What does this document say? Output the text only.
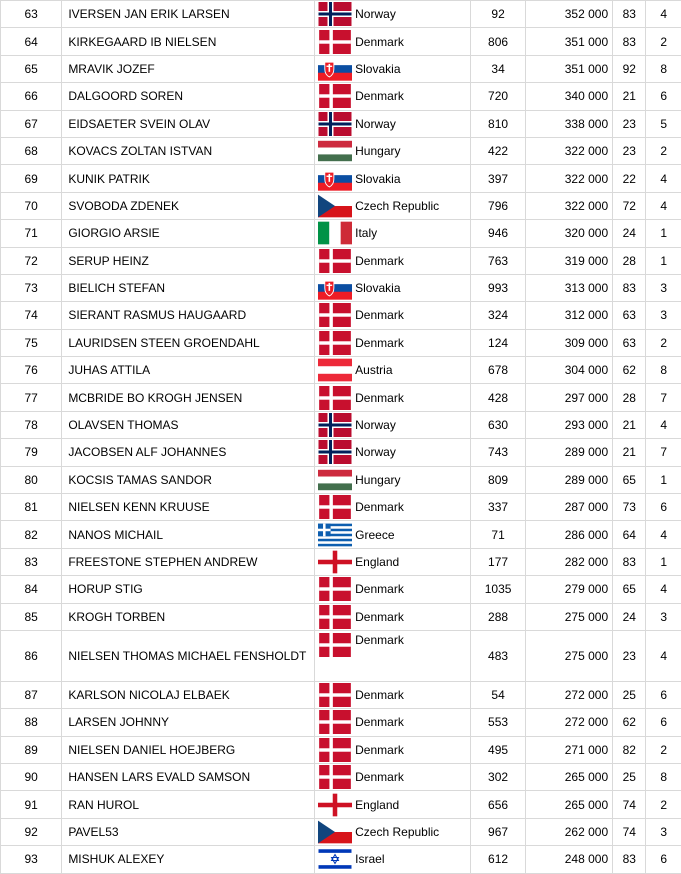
63	IVERSEN JAN ERIK LARSEN	Norway	92	352 000	83	4
64	KIRKEGAARD IB NIELSEN	Denmark	806	351 000	83	2
65	MRAVIK JOZEF	Slovakia	34	351 000	92	8
66	DALGOORD SOREN	Denmark	720	340 000	21	6
67	EIDSAETER SVEIN OLAV	Norway	810	338 000	23	5
68	KOVACS ZOLTAN ISTVAN	Hungary	422	322 000	23	2
69	KUNIK PATRIK	Slovakia	397	322 000	22	4
70	SVOBODA ZDENEK	Czech Republic	796	322 000	72	4
71	GIORGIO ARSIE	Italy	946	320 000	24	1
72	SERUP HEINZ	Denmark	763	319 000	28	1
73	BIELICH STEFAN	Slovakia	993	313 000	83	3
74	SIERANT RASMUS HAUGAARD	Denmark	324	312 000	63	3
75	LAURIDSEN STEEN GROENDAHL	Denmark	124	309 000	63	2
76	JUHAS ATTILA	Austria	678	304 000	62	8
77	MCBRIDE BO KROGH JENSEN	Denmark	428	297 000	28	7
78	OLAVSEN THOMAS	Norway	630	293 000	21	4
79	JACOBSEN ALF JOHANNES	Norway	743	289 000	21	7
80	KOCSIS TAMAS SANDOR	Hungary	809	289 000	65	1
81	NIELSEN KENN KRUUSE	Denmark	337	287 000	73	6
82	NANOS MICHAIL	Greece	71	286 000	64	4
83	FREESTONE STEPHEN ANDREW	England	177	282 000	83	1
84	HORUP STIG	Denmark	1035	279 000	65	4
85	KROGH TORBEN	Denmark	288	275 000	24	3
86	NIELSEN THOMAS MICHAEL FENSHOLDT	Denmark	483	275 000	23	4
87	KARLSON NICOLAJ ELBAEK	Denmark	54	272 000	25	6
88	LARSEN JOHNNY	Denmark	553	272 000	62	6
89	NIELSEN DANIEL HOEJBERG	Denmark	495	271 000	82	2
90	HANSEN LARS EVALD SAMSON	Denmark	302	265 000	25	8
91	RAN HUROL	England	656	265 000	74	2
92	PAVEL53	Czech Republic	967	262 000	74	3
93	MISHUK ALEXEY	Israel	612	248 000	83	6
